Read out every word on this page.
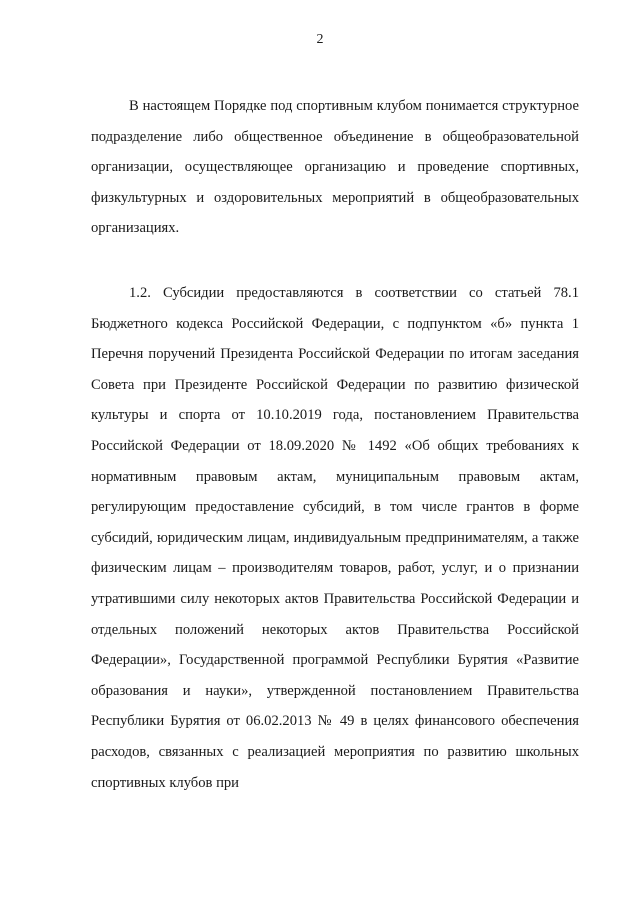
2

В настоящем Порядке под спортивным клубом понимается структурное подразделение либо общественное объединение в общеобразовательной организации, осуществляющее организацию и проведение спортивных, физкультурных и оздоровительных мероприятий в общеобразовательных организациях.

1.2. Субсидии предоставляются в соответствии со статьей 78.1 Бюджетного кодекса Российской Федерации, с подпунктом «б» пункта 1 Перечня поручений Президента Российской Федерации по итогам заседания Совета при Президенте Российской Федерации по развитию физической культуры и спорта от 10.10.2019 года, постановлением Правительства Российской Федерации от 18.09.2020 № 1492 «Об общих требованиях к нормативным правовым актам, муниципальным правовым актам, регулирующим предоставление субсидий, в том числе грантов в форме субсидий, юридическим лицам, индивидуальным предпринимателям, а также физическим лицам – производителям товаров, работ, услуг, и о признании утратившими силу некоторых актов Правительства Российской Федерации и отдельных положений некоторых актов Правительства Российской Федерации», Государственной программой Республики Бурятия «Развитие образования и науки», утвержденной постановлением Правительства Республики Бурятия от 06.02.2013 № 49 в целях финансового обеспечения расходов, связанных с реализацией мероприятия по развитию школьных спортивных клубов при
